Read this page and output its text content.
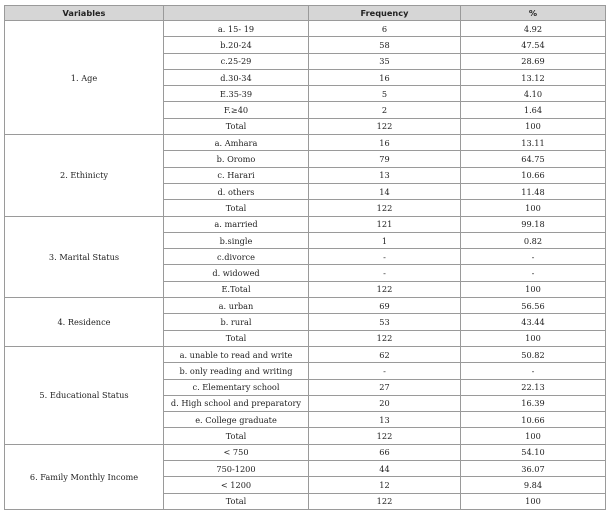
Variables		Frequency	%
1. Age	a. 15- 19	6	4.92
	b.20-24	58	47.54
	c.25-29	35	28.69
	d.30-34	16	13.12
	E.35-39	5	4.10
	F.≥40	2	1.64
	Total	122	100
2. Ethinicty	a. Amhara	16	13.11
	b. Oromo	79	64.75
	c. Harari	13	10.66
	d. others	14	11.48
	Total	122	100
3. Marital Status	a. married	121	99.18
	b.single	1	0.82
	c.divorce	-	-
	d. widowed	-	-
	E.Total	122	100
4. Residence	a. urban	69	56.56
	b. rural	53	43.44
	Total	122	100
5. Educational Status	a. unable to read and write	62	50.82
	b. only reading and writing	-	-
	c. Elementary school	27	22.13
	d. High school and preparatory	20	16.39
	e. College graduate	13	10.66
	Total	122	100
6. Family Monthly Income	< 750	66	54.10
	750-1200	44	36.07
	< 1200	12	9.84
	Total	122	100
